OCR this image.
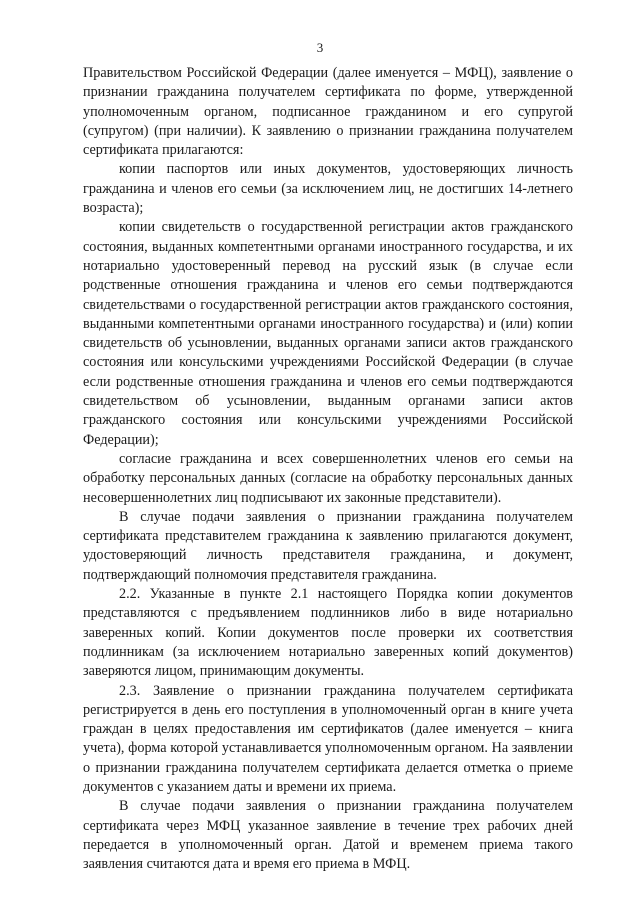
3

Правительством Российской Федерации (далее именуется – МФЦ), заявление о признании гражданина получателем сертификата по форме, утвержденной уполномоченным органом, подписанное гражданином и его супругой (супругом) (при наличии). К заявлению о признании гражданина получателем сертификата прилагаются:

копии паспортов или иных документов, удостоверяющих личность гражданина и членов его семьи (за исключением лиц, не достигших 14-летнего возраста);

копии свидетельств о государственной регистрации актов гражданского состояния, выданных компетентными органами иностранного государства, и их нотариально удостоверенный перевод на русский язык (в случае если родственные отношения гражданина и членов его семьи подтверждаются свидетельствами о государственной регистрации актов гражданского состояния, выданными компетентными органами иностранного государства) и (или) копии свидетельств об усыновлении, выданных органами записи актов гражданского состояния или консульскими учреждениями Российской Федерации (в случае если родственные отношения гражданина и членов его семьи подтверждаются свидетельством об усыновлении, выданным органами записи актов гражданского состояния или консульскими учреждениями Российской Федерации);

согласие гражданина и всех совершеннолетних членов его семьи на обработку персональных данных (согласие на обработку персональных данных несовершеннолетних лиц подписывают их законные представители).

В случае подачи заявления о признании гражданина получателем сертификата представителем гражданина к заявлению прилагаются документ, удостоверяющий личность представителя гражданина, и документ, подтверждающий полномочия представителя гражданина.

2.2. Указанные в пункте 2.1 настоящего Порядка копии документов представляются с предъявлением подлинников либо в виде нотариально заверенных копий. Копии документов после проверки их соответствия подлинникам (за исключением нотариально заверенных копий документов) заверяются лицом, принимающим документы.

2.3. Заявление о признании гражданина получателем сертификата регистрируется в день его поступления в уполномоченный орган в книге учета граждан в целях предоставления им сертификатов (далее именуется – книга учета), форма которой устанавливается уполномоченным органом. На заявлении о признании гражданина получателем сертификата делается отметка о приеме документов с указанием даты и времени их приема.

В случае подачи заявления о признании гражданина получателем сертификата через МФЦ указанное заявление в течение трех рабочих дней передается в уполномоченный орган. Датой и временем приема такого заявления считаются дата и время его приема в МФЦ.
